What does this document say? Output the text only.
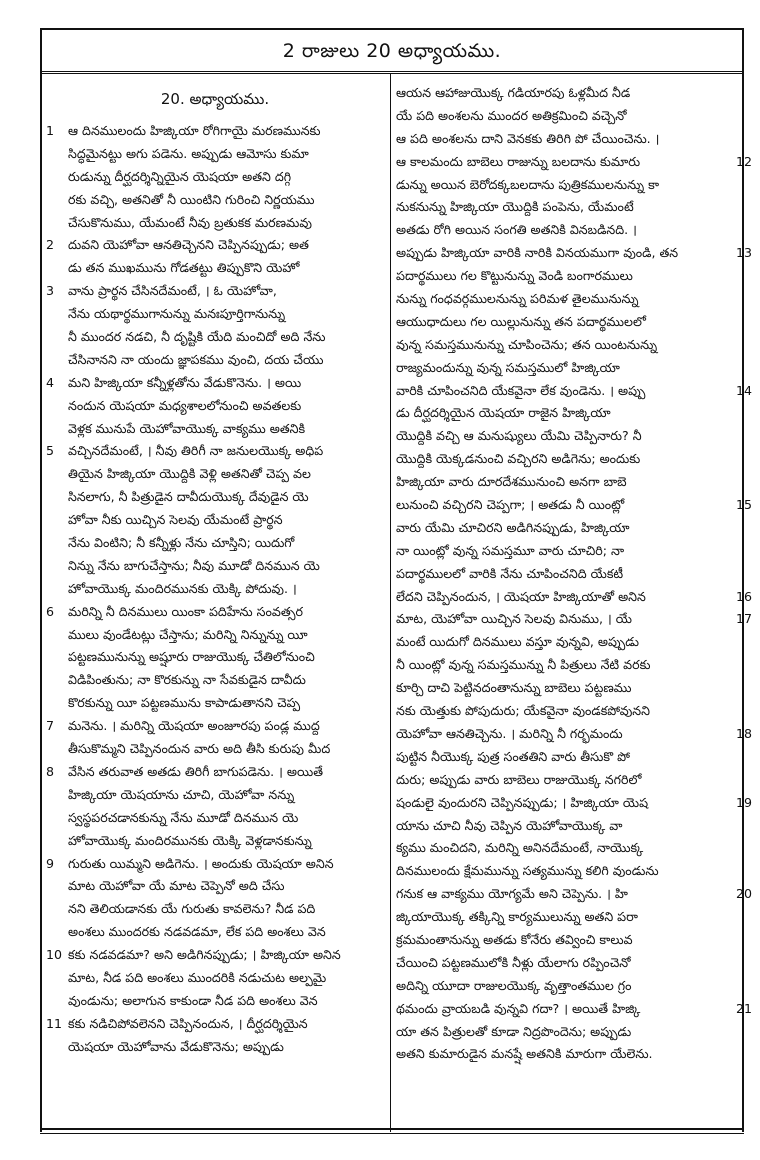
2 రాజులు 20 అధ్యాయము.
20. అధ్యాయము.
1	ఆ దినములందు హిజ్కియా రోగిగాయై మరణమునకు
సిద్ధమైనట్టు అగు పడెను. అప్పుడు ఆమోసు కుమా
రుడున్ను దీర్ఘదర్శిన్నియైన యెషయా అతని దగ్గి
రకు వచ్చి, అతనితో నీ యింటిని గురించి నిర్ణయము
చేసుకొనుము, యేమంటే నీవు బ్రతుకక మరణమవు
2	దువని యెహోవా ఆనతిచ్చెనని చెప్పినప్పుడు; అత
డు తన ముఖమును గోడతట్టు తిప్పుకొని యెహో
3	వాను ప్రార్థన చేసినదేమంటే, । ఓ యెహోవా,
నేను యథార్థముగానున్ను మనఃపూర్తిగానున్ను
నీ ముందర నడచి, నీ దృష్టికి యేది మంచిదో అది నేను
చేసినానని నా యందు జ్ఞాపకము వుంచి, దయ చేయు
4	మని హిజ్కియా కన్నీళ్లతోను వేడుకొనెను. । అయి
నందున యెషయా మధ్యశాలలోనుంచి అవతలకు
వెళ్లక మునుపే యెహోవాయొక్క వాక్యము అతనికి
5	వచ్చినదేమంటే, । నీవు తిరిగీ నా జనులయొక్క అధిప
తియైన హిజ్కియా యొద్దికి వెళ్లి అతనితో చెప్ప వల
సినలాగు, నీ పిత్రుడైన దావీదుయొక్క దేవుడైన యె
హోవా నీకు యిచ్చిన సెలవు యేమంటే ప్రార్థన
నేను వింటిని; నీ కన్నీళ్లు నేను చూస్తిని; యిదుగో
నిన్ను నేను బాగుచేస్తాను; నీవు మూడో దినమున యె
హోవాయొక్క మందిరమునకు యెక్కి పోదువు. ।
6	మరిన్ని నీ దినములు యింకా పదిహేను సంవత్సర
ములు వుండేటట్లు చేస్తాను; మరిన్ని నిన్నున్ను యీ
పట్టణమునున్ను అష్షూరు రాజుయొక్క చేతిలోనుంచి
విడిపింతును; నా కొరకున్ను నా సేవకుడైన దావీదు
కొరకున్ను యీ పట్టణమును కాపాడుతానని చెప్ప
7	మనెను. । మరిన్ని యెషయా అంజూరపు పండ్ల ముద్ద
తీసుకొమ్మని చెప్పినందున వారు అది తీసి కురుపు మీద
8	వేసిన తరువాత అతడు తిరిగీ బాగుపడెను. । అయితే
హిజ్కియా యెషయాను చూచి, యెహోవా నన్ను
స్వస్థపరచడానకున్ను నేను మూడో దినమున యె
హోవాయొక్క మందిరమునకు యెక్కి వెళ్లడానకున్ను
9	గురుతు యిమ్మని అడిగెను. । అందుకు యెషయా అనిన
మాట యెహోవా యే మాట చెప్పెనో అది చేసు
నని తెలియడానకు యే గురుతు కావలెను? నీడ పది
అంశలు ముందరకు నడవడమా, లేక పది అంశలు వెన
10 కకు నడవడమా? అని అడిగినప్పుడు; । హిజ్కియా అనిన
మాట, నీడ పది అంశలు ముందరికి నడుచుట అల్పమై
వుండును; అలాగున కాకుండా నీడ పది అంశలు వెన
11 కకు నడిచిపోవలెనని చెప్పినందున, । దీర్ఘదర్శియైన
యెషయా యెహోవాను వేడుకొనెను; అప్పుడు
ఆయన ఆహాజుయొక్క గడియారపు ఓళ్లమీద నీడ
యే పది అంశలను ముందర అతిక్రమించి వచ్చెనో
ఆ పది అంశలను దాని వెనకకు తిరిగి పో చేయించెను. ।
12
ఆ కాలమందు బాబెలు రాజున్ను బలదాను కుమారు
డున్ను అయిన బెరోదక్కబలదాను పుత్రికములనున్ను కా
నుకనున్ను హిజ్కియా యొద్దికి పంపెను, యేమంటే
అతడు రోగి అయిన సంగతి అతనికి వినబడినది. ।
13
అప్పుడు హిజ్కియా వారికి నారికి వినయముగా వుండి, తన
పదార్థములు గల కొట్టునున్ను వెండి బంగారములు
నున్ను గంధవర్గములనున్ను పరిమళ తైలమునున్ను
ఆయుధాదులు గల యిల్లునున్ను తన పదార్థములలో
వున్న సమస్తమునున్ను చూపించెను; తన యింటనున్ను
రాజ్యమందున్ను వున్న సమస్తములో హిజ్కియా
14
వారికి చూపించనిది యేకవైనా లేక వుండెను. । అప్పు
డు దీర్ఘదర్శియైన యెషయా రాజైన హిజ్కియా
యొద్దికి వచ్చి ఆ మనుష్యులు యేమి చెప్పినారు? నీ
యొద్దికి యెక్కడనుంచి వచ్చిరని అడిగెను; అందుకు
హిజ్కియా వారు దూరదేశమునుంచి అనగా బాబె
15
లునుంచి వచ్చిరని చెప్పగా; । అతడు నీ యింట్లో
వారు యేమి చూచిరని అడిగినప్పుడు, హిజ్కియా
నా యింట్లో వున్న సమస్తమూ వారు చూచిరి; నా
పదార్థములలో వారికి నేను చూపించనిది యేకటీ
16
లేదని చెప్పినందున, । యెషయా హిజ్కియాతో అనిన
17
మాట, యెహోవా యిచ్చిన సెలవు వినుము, । యే
మంటే యిదుగో దినములు వస్తూ వున్నవి, అప్పుడు
నీ యింట్లో వున్న సమస్తమున్ను నీ పిత్రులు నేటి వరకు
కూర్చి దాచి పెట్టినదంతానున్ను బాబెలు పట్టణము
నకు యెత్తుకు పోపుదురు; యేకవైనా వుండకపోవునని
18
యెహోవా ఆనతిచ్చెను. । మరిన్ని నీ గర్భమందు
పుట్టిన నీయొక్క పుత్ర సంతతిని వారు తీసుకొ పో
దురు; అప్పుడు వారు బాబెలు రాజుయొక్క నగరిలో
19
షండులై వుందురని చెప్పినప్పుడు; । హిజ్కియా యెష
యాను చూచి నీవు చెప్పిన యెహోవాయొక్క వా
క్యము మంచిదని, మరిన్ని అనినదేమంటే, నాయొక్క
దినములందు క్షేమమున్ను సత్యమున్ను కలిగి వుండును
20
గనుక ఆ వాక్యము యోగ్యమే అని చెప్పెను. । హి
జ్కియాయొక్క తక్కిన్ని కార్యములున్ను అతని పరా
క్రమమంతానున్ను అతడు కోనేరు తవ్వించి కాలువ
చేయించి పట్టణములోకి నీళ్లు యేలాగు రప్పించెనో
అదిన్ని యూదా రాజులయొక్క వృత్తాంతముల గ్రం
21
థమందు వ్రాయబడి వున్నవి గదా? । అయితే హిజ్కి
యా తన పిత్రులతో కూడా నిద్రపొందెను; అప్పుడు
అతని కుమారుడైన మనష్షే అతనికి మారుగా యేలెను.
